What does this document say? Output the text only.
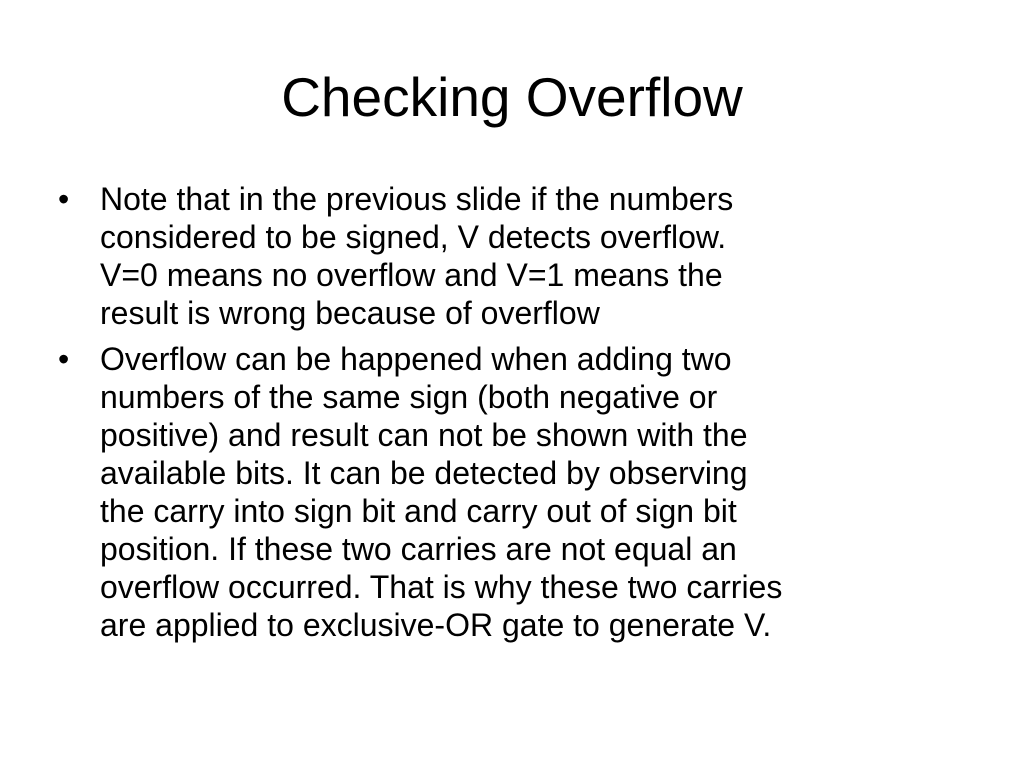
Checking Overflow
• Note that in the previous slide if the numbers
considered to be signed, V detects overflow.
V=0 means no overflow and V=1 means the
result is wrong because of overflow
• Overflow can be happened when adding two
numbers of the same sign (both negative or
positive) and result can not be shown with the
available bits. It can be detected by observing
the carry into sign bit and carry out of sign bit
position. If these two carries are not equal an
overflow occurred. That is why these two carries
are applied to exclusive-OR gate to generate V.
